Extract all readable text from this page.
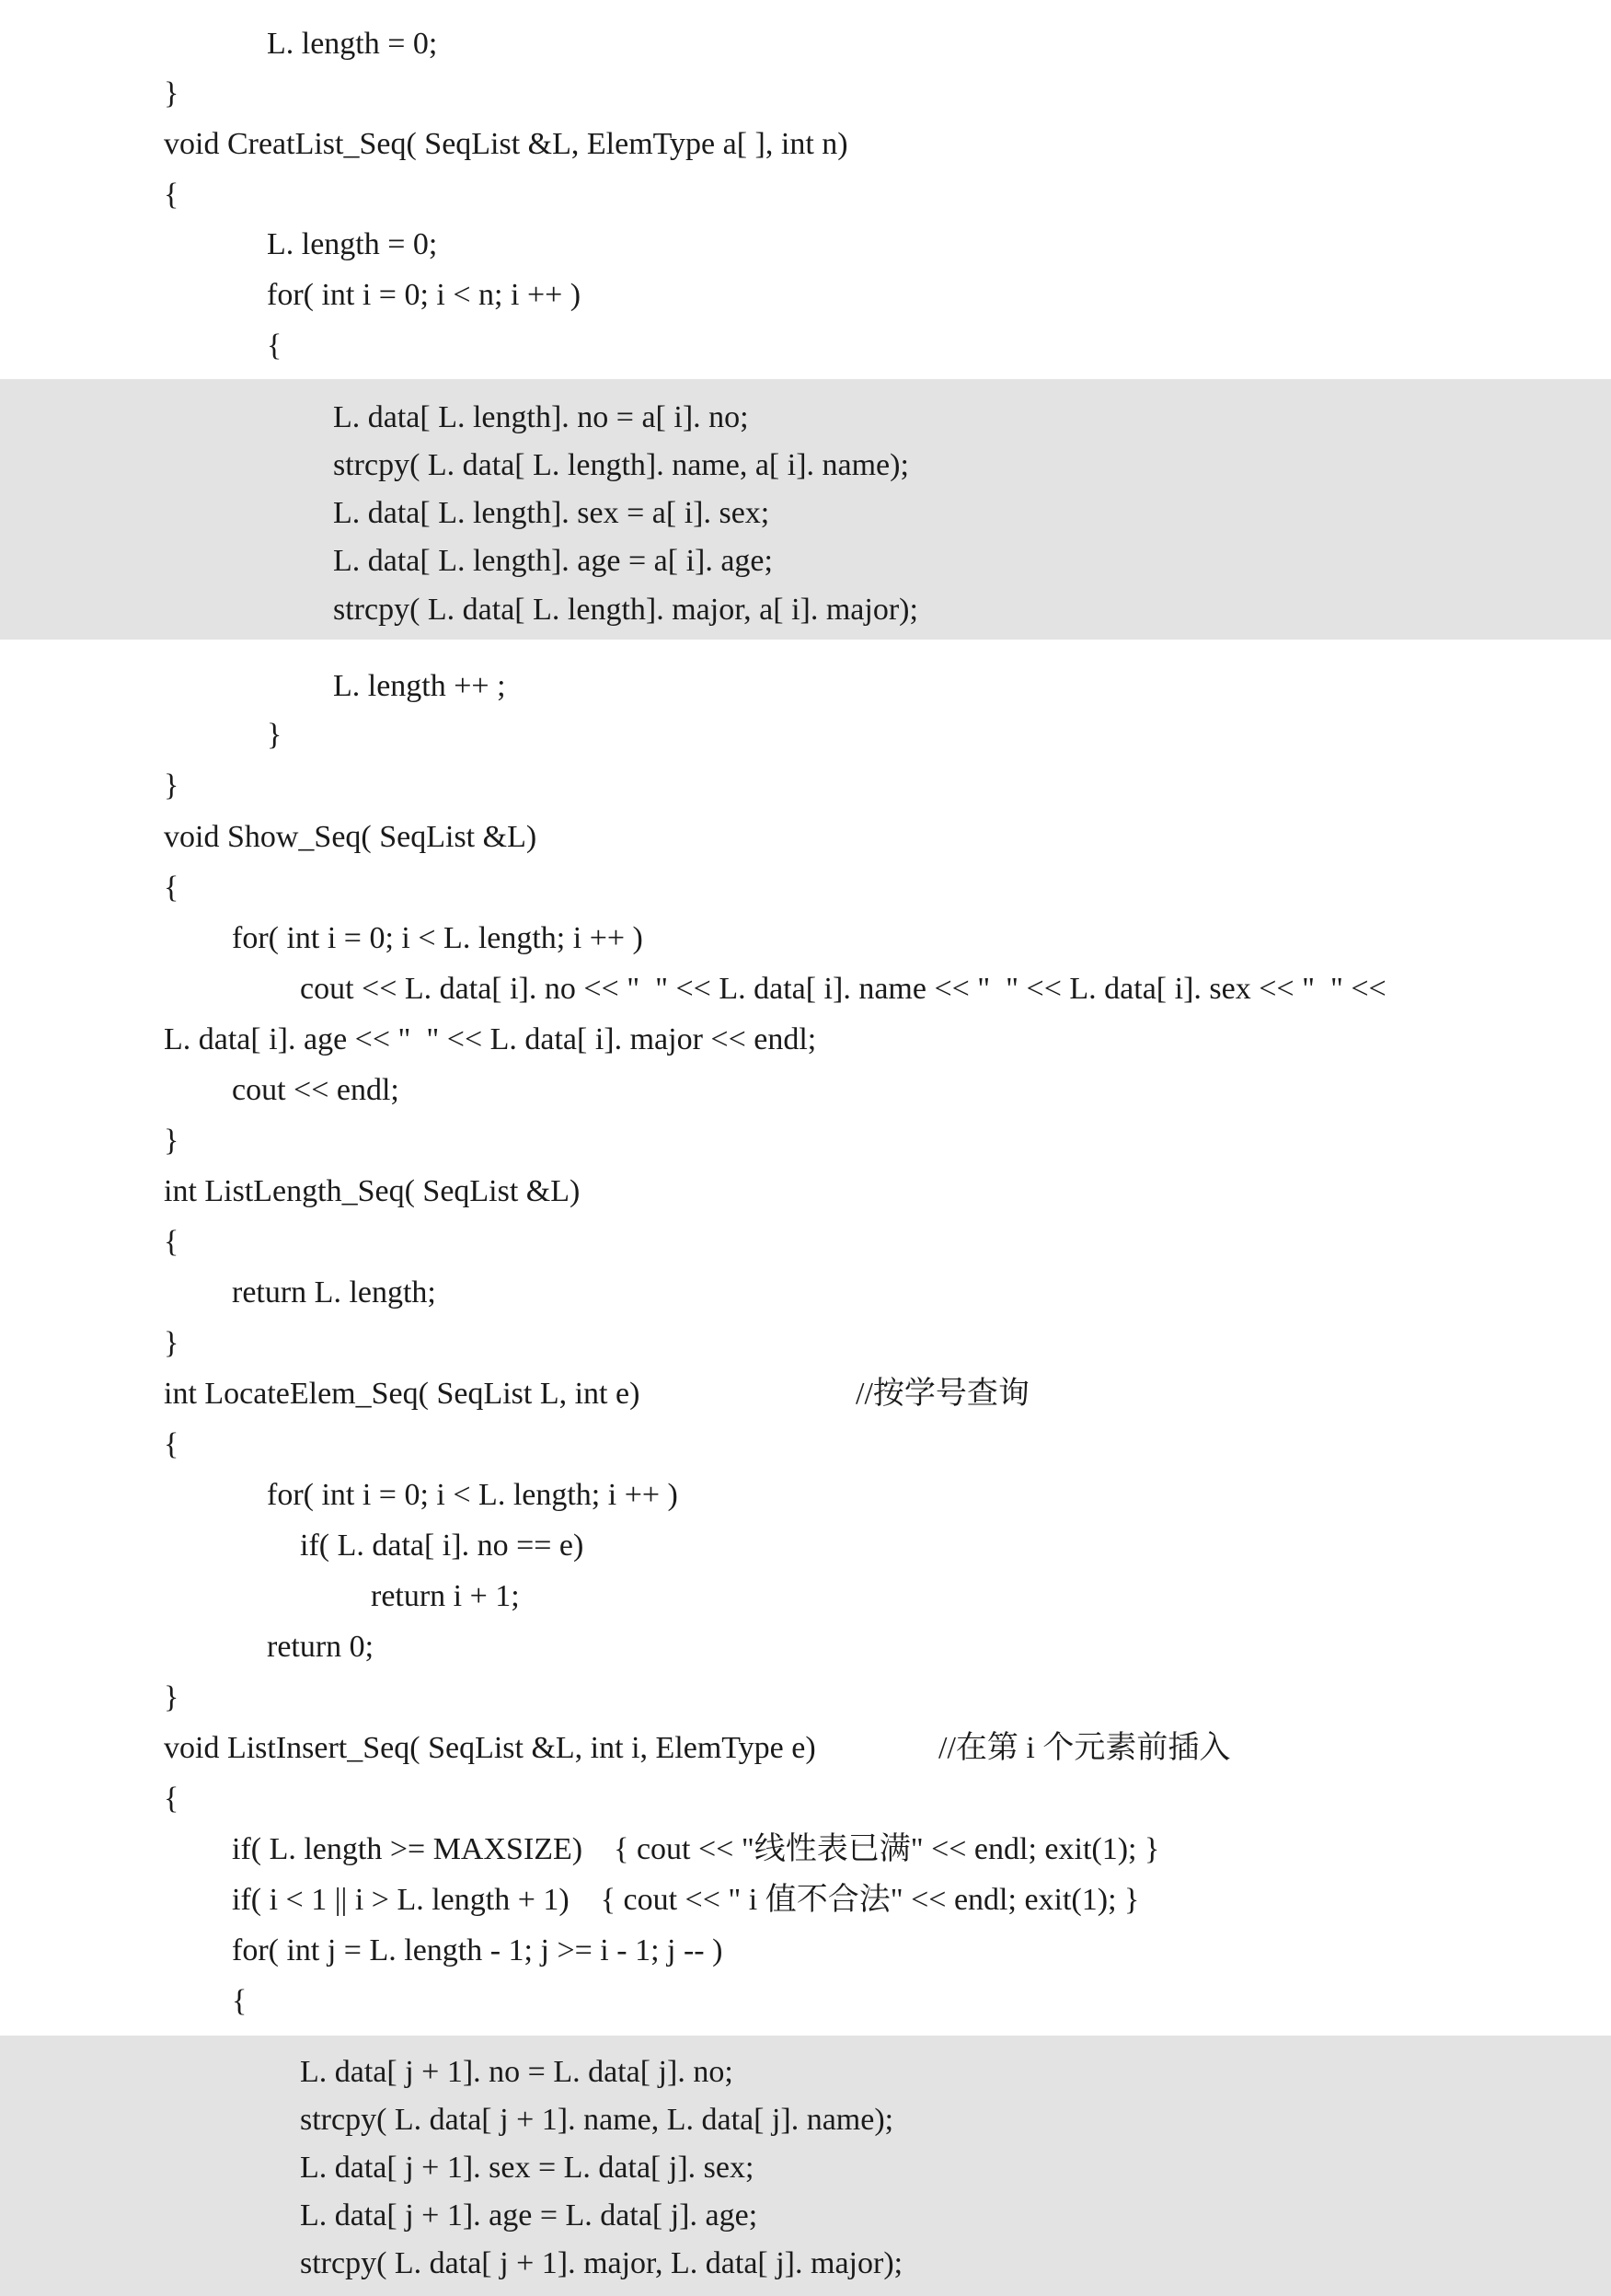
L. length = 0;
}
void CreatList_Seq( SeqList &L, ElemType a[ ], int n)
{
L. length = 0;
for( int i = 0; i < n; i ++ )
{
L. data[ L. length]. no = a[ i]. no;
strcpy( L. data[ L. length]. name, a[ i]. name);
L. data[ L. length]. sex = a[ i]. sex;
L. data[ L. length]. age = a[ i]. age;
strcpy( L. data[ L. length]. major, a[ i]. major);
L. length ++ ;
}
}
void Show_Seq( SeqList &L)
{
for( int i = 0; i < L. length; i ++ )
cout << L. data[ i]. no << "  " << L. data[ i]. name << "  " << L. data[ i]. sex << "  " <<
L. data[ i]. age << "  " << L. data[ i]. major << endl;
cout << endl;
}
int ListLength_Seq( SeqList &L)
{
return L. length;
}
int LocateElem_Seq( SeqList L, int e)	//按学号查询
{
for( int i = 0; i < L. length; i ++ )
if( L. data[ i]. no == e)
return i + 1;
return 0;
}
void ListInsert_Seq( SeqList &L, int i, ElemType e)	//在第 i 个元素前插入
{
if( L. length >= MAXSIZE)    { cout << "线性表已满" << endl; exit(1); }
if( i < 1 || i > L. length + 1)    { cout << " i 值不合法" << endl; exit(1); }
for( int j = L. length - 1; j >= i - 1; j -- )
{
L. data[ j + 1]. no = L. data[ j]. no;
strcpy( L. data[ j + 1]. name, L. data[ j]. name);
L. data[ j + 1]. sex = L. data[ j]. sex;
L. data[ j + 1]. age = L. data[ j]. age;
strcpy( L. data[ j + 1]. major, L. data[ j]. major);
